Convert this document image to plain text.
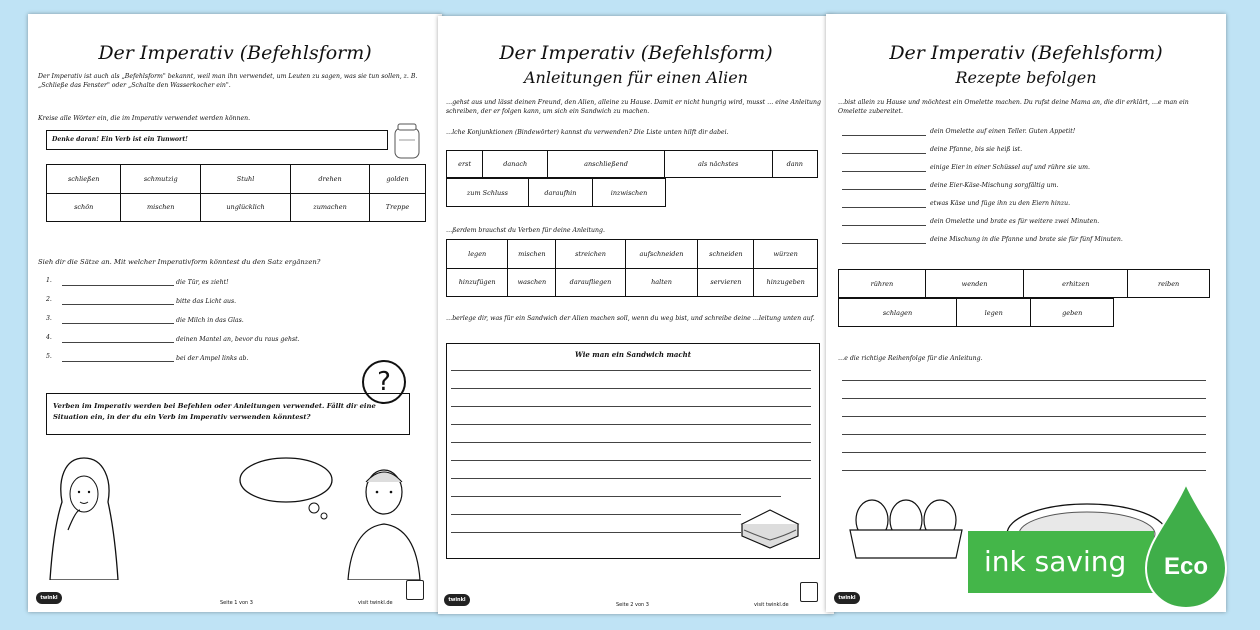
Der Imperativ (Befehlsform)
Der Imperativ ist auch als „Befehlsform" bekannt, weil man ihn verwendet, um Leuten zu sagen, was sie tun sollen, z. B. „Schließe das Fenster" oder „Schalte den Wasserkocher ein".
Kreise alle Wörter ein, die im Imperativ verwendet werden können.
Denke daran! Ein Verb ist ein Tunwort!
schließen	schmutzig	Stuhl	drehen	golden
schön	mischen	unglücklich	zumachen	Treppe
Sieh dir die Sätze an. Mit welcher Imperativform könntest du den Satz ergänzen?
1.	die Tür, es zieht!
2.	bitte das Licht aus.
3.	die Milch in das Glas.
4.	deinen Mantel an, bevor du raus gehst.
5.	bei der Ampel links ab.
?
Verben im Imperativ werden bei Befehlen oder Anleitungen verwendet. Fällt dir eine Situation ein, in der du ein Verb im Imperativ verwenden könntest?
twinkl
Seite 1 von 3	visit twinkl.de
Der Imperativ (Befehlsform)
Anleitungen für einen Alien
…gehst aus und lässt deinen Freund, den Alien, alleine zu Hause. Damit er nicht hungrig wird, musst … eine Anleitung schreiben, der er folgen kann, um sich ein Sandwich zu machen.
…lche Konjunktionen (Bindewörter) kannst du verwenden? Die Liste unten hilft dir dabei.
erst	danach	anschließend	als nächstes	dann
zum Schluss	daraufhin	inzwischen
…ßerdem brauchst du Verben für deine Anleitung.
legen	mischen	streichen	aufschneiden	schneiden	würzen
hinzufügen	waschen	daraufliegen	halten	servieren	hinzugeben
…berlege dir, was für ein Sandwich der Alien machen soll, wenn du weg bist, und schreibe deine …leitung unten auf.
Wie man ein Sandwich macht
twinkl
Seite 2 von 3	visit twinkl.de
Der Imperativ (Befehlsform)
Rezepte befolgen
…bist allein zu Hause und möchtest ein Omelette machen. Du rufst deine Mama an, die dir erklärt, …e man ein Omelette zubereitet.
dein Omelette auf einen Teller. Guten Appetit!
deine Pfanne, bis sie heiß ist.
einige Eier in einer Schüssel auf und rühre sie um.
deine Eier-Käse-Mischung sorgfältig um.
etwas Käse und füge ihn zu den Eiern hinzu.
dein Omelette und brate es für weitere zwei Minuten.
deine Mischung in die Pfanne und brate sie für fünf Minuten.
rühren	wenden	erhitzen	reiben
schlagen	legen	geben
…e die richtige Reihenfolge für die Anleitung.
twinkl
ink saving	Eco
